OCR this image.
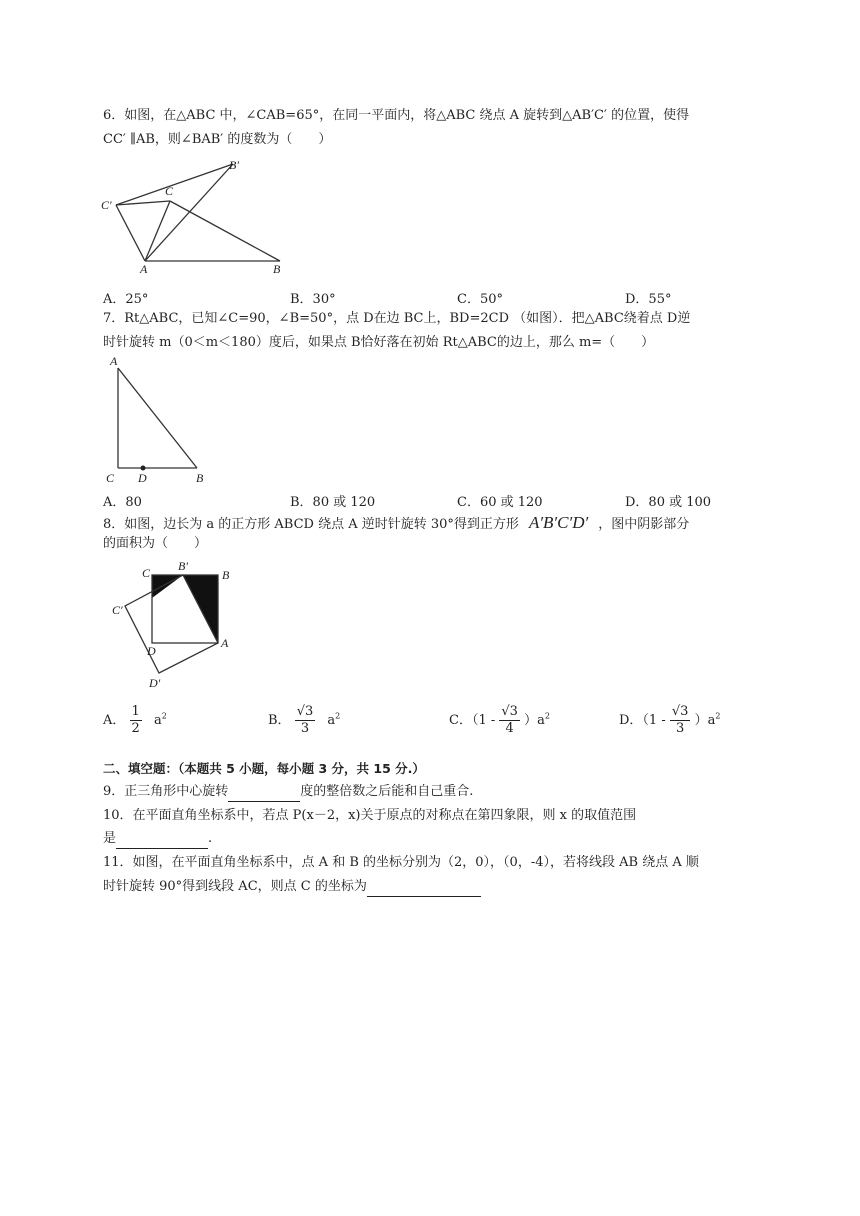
6．如图，在△ABC 中，∠CAB=65°，在同一平面内，将△ABC 绕点 A 旋转到△AB′C′ 的位置，使得
CC′ ∥AB，则∠BAB′ 的度数为（　　）
B′
C′
C
A	B
A．25°	B．30°	C．50°	D．55°
7．Rt△ABC，已知∠C=90，∠B=50°，点 D在边 BC上，BD=2CD （如图）．把△ABC绕着点 D逆
时针旋转 m（0＜m＜180）度后，如果点 B恰好落在初始 Rt△ABC的边上，那么 m=（　　）
A
C D	B
A．80	B．80 或 120	C．60 或 120	D．80 或 100
8．如图，边长为 a 的正方形 ABCD 绕点 A 逆时针旋转 30°得到正方形 A′B′C′D′ ，图中阴影部分
的面积为（　　）
C B′
B
C′
D
A
D′
A． $\frac{1}{2} a^2$	B． $\frac{√3}{3} a^2$	C．$(1 - \frac{√3}{4} )a^2$	D．$(1 - \frac{√3}{3} )a^2$
二、填空题：（本题共 5 小题，每小题 3 分，共 15 分.）
9．正三角形中心旋转	度的整倍数之后能和自己重合.
10．在平面直角坐标系中，若点 P(x－2，x)关于原点的对称点在第四象限，则 x 的取值范围
是	.
11．如图，在平面直角坐标系中，点 A 和 B 的坐标分别为（2，0），（0，-4），若将线段 AB 绕点 A 顺
时针旋转 90°得到线段 AC，则点 C 的坐标为
